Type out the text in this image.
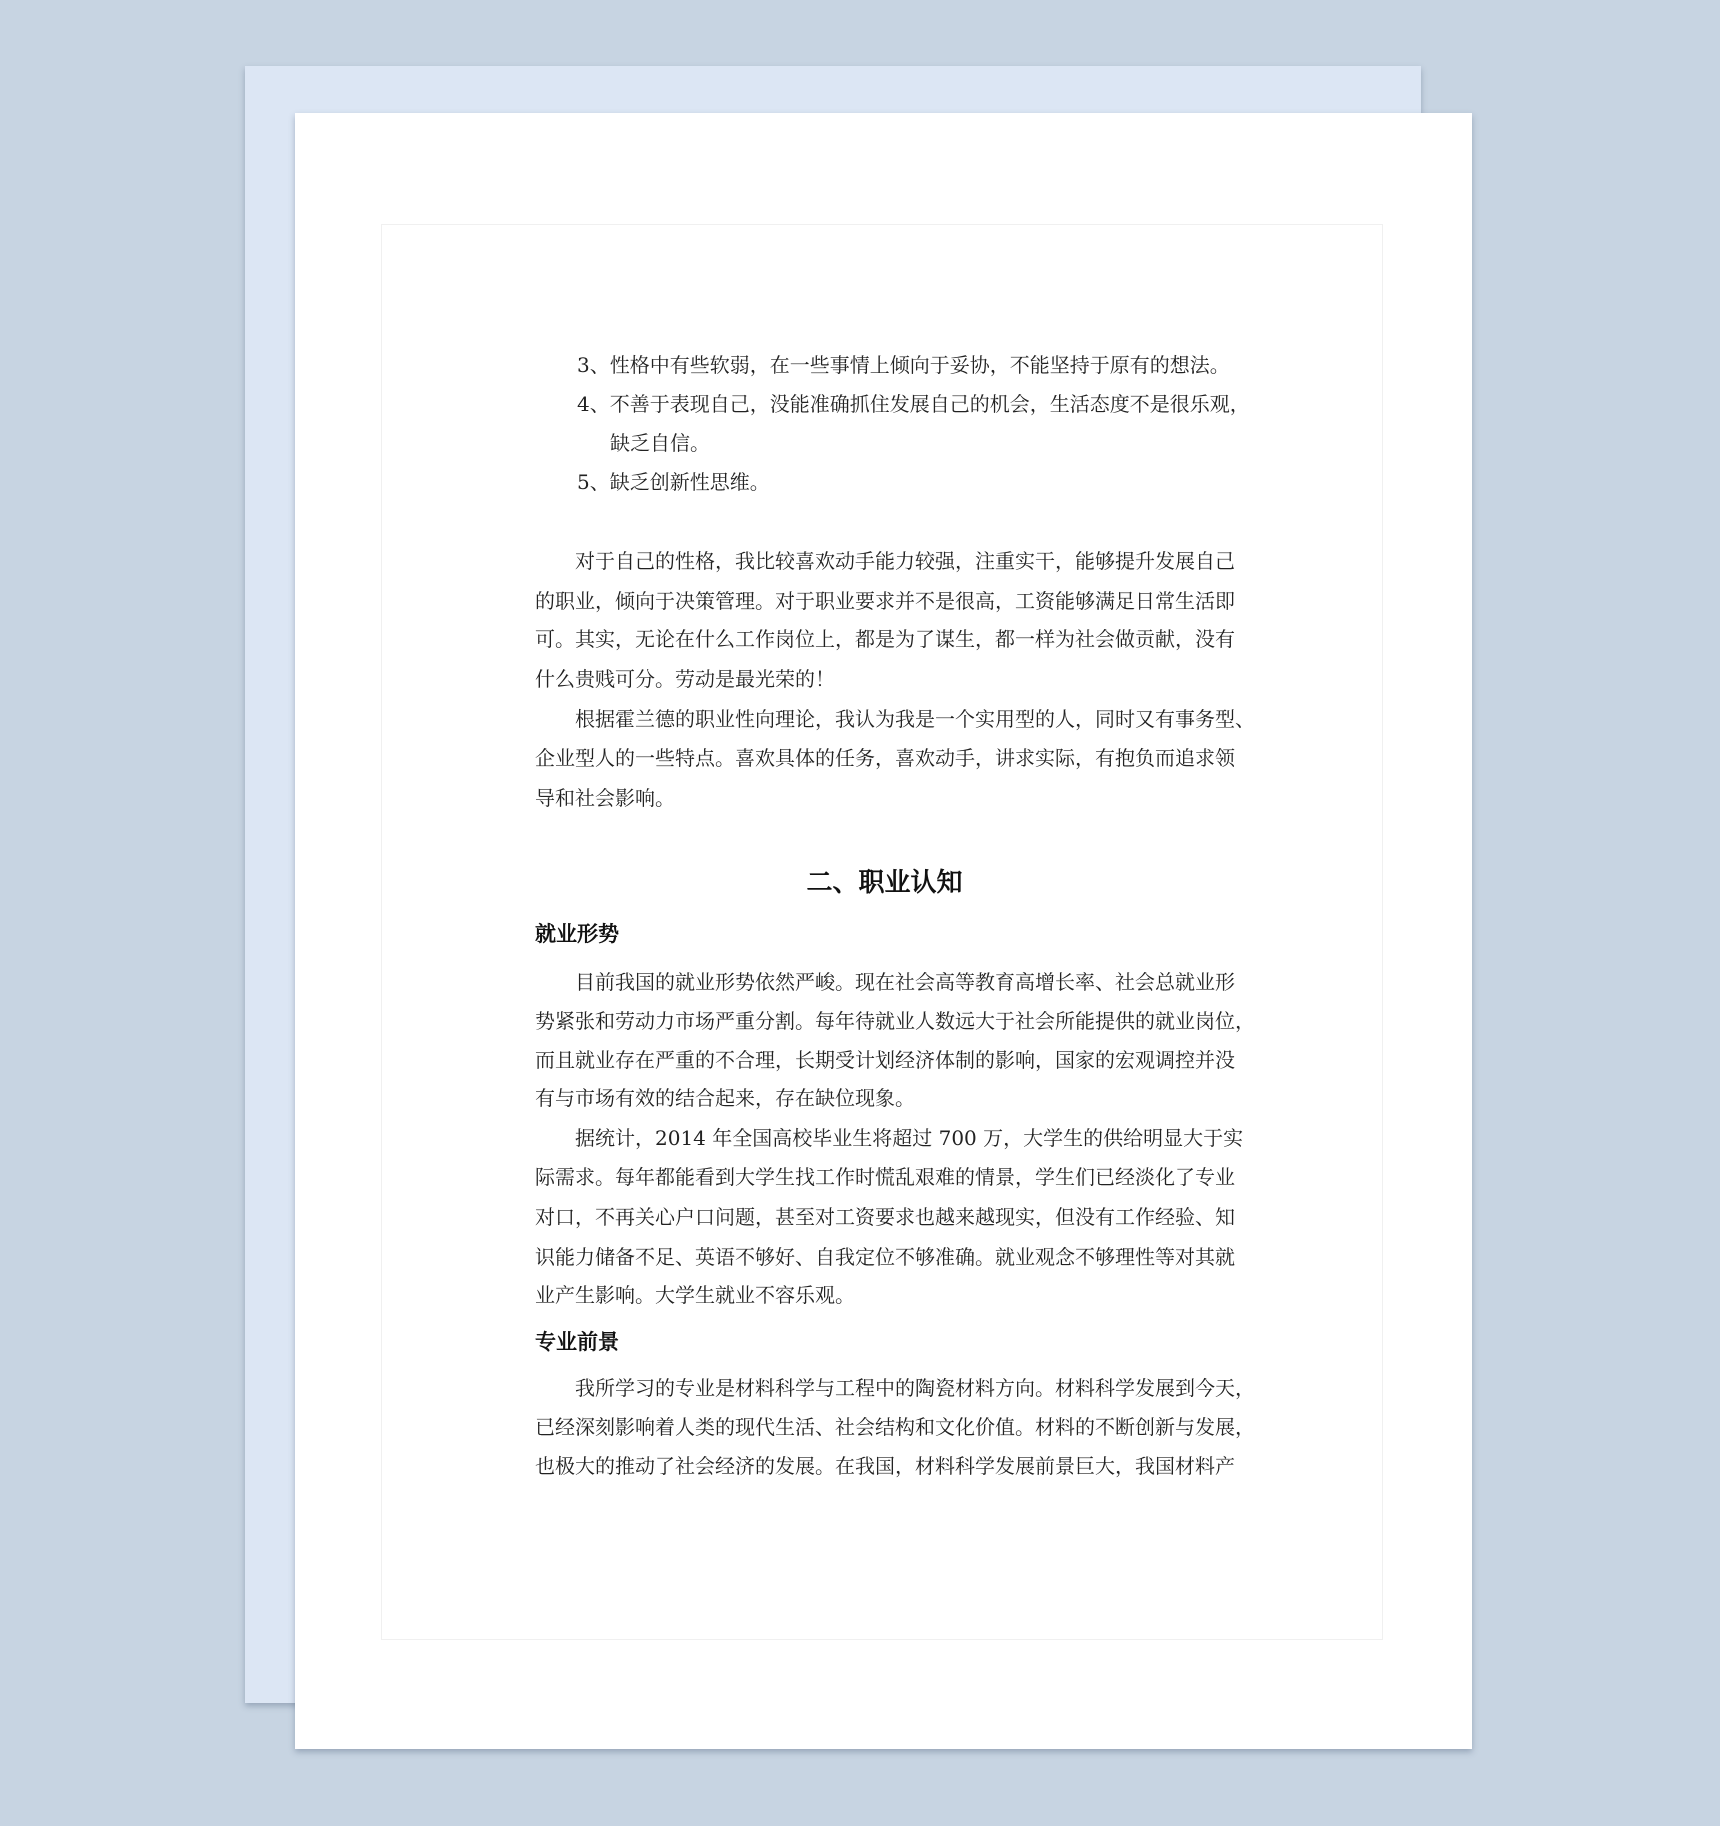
3、性格中有些软弱，在一些事情上倾向于妥协，不能坚持于原有的想法。
4、不善于表现自己，没能准确抓住发展自己的机会，生活态度不是很乐观，
缺乏自信。
5、缺乏创新性思维。
对于自己的性格，我比较喜欢动手能力较强，注重实干，能够提升发展自己
的职业，倾向于决策管理。对于职业要求并不是很高，工资能够满足日常生活即
可。其实，无论在什么工作岗位上，都是为了谋生，都一样为社会做贡献，没有
什么贵贱可分。劳动是最光荣的！
根据霍兰德的职业性向理论，我认为我是一个实用型的人，同时又有事务型、
企业型人的一些特点。喜欢具体的任务，喜欢动手，讲求实际，有抱负而追求领
导和社会影响。
二、职业认知
就业形势
目前我国的就业形势依然严峻。现在社会高等教育高增长率、社会总就业形
势紧张和劳动力市场严重分割。每年待就业人数远大于社会所能提供的就业岗位，
而且就业存在严重的不合理，长期受计划经济体制的影响，国家的宏观调控并没
有与市场有效的结合起来，存在缺位现象。
据统计，2014 年全国高校毕业生将超过 700 万，大学生的供给明显大于实
际需求。每年都能看到大学生找工作时慌乱艰难的情景，学生们已经淡化了专业
对口，不再关心户口问题，甚至对工资要求也越来越现实，但没有工作经验、知
识能力储备不足、英语不够好、自我定位不够准确。就业观念不够理性等对其就
业产生影响。大学生就业不容乐观。
专业前景
我所学习的专业是材料科学与工程中的陶瓷材料方向。材料科学发展到今天，
已经深刻影响着人类的现代生活、社会结构和文化价值。材料的不断创新与发展，
也极大的推动了社会经济的发展。在我国，材料科学发展前景巨大，我国材料产
